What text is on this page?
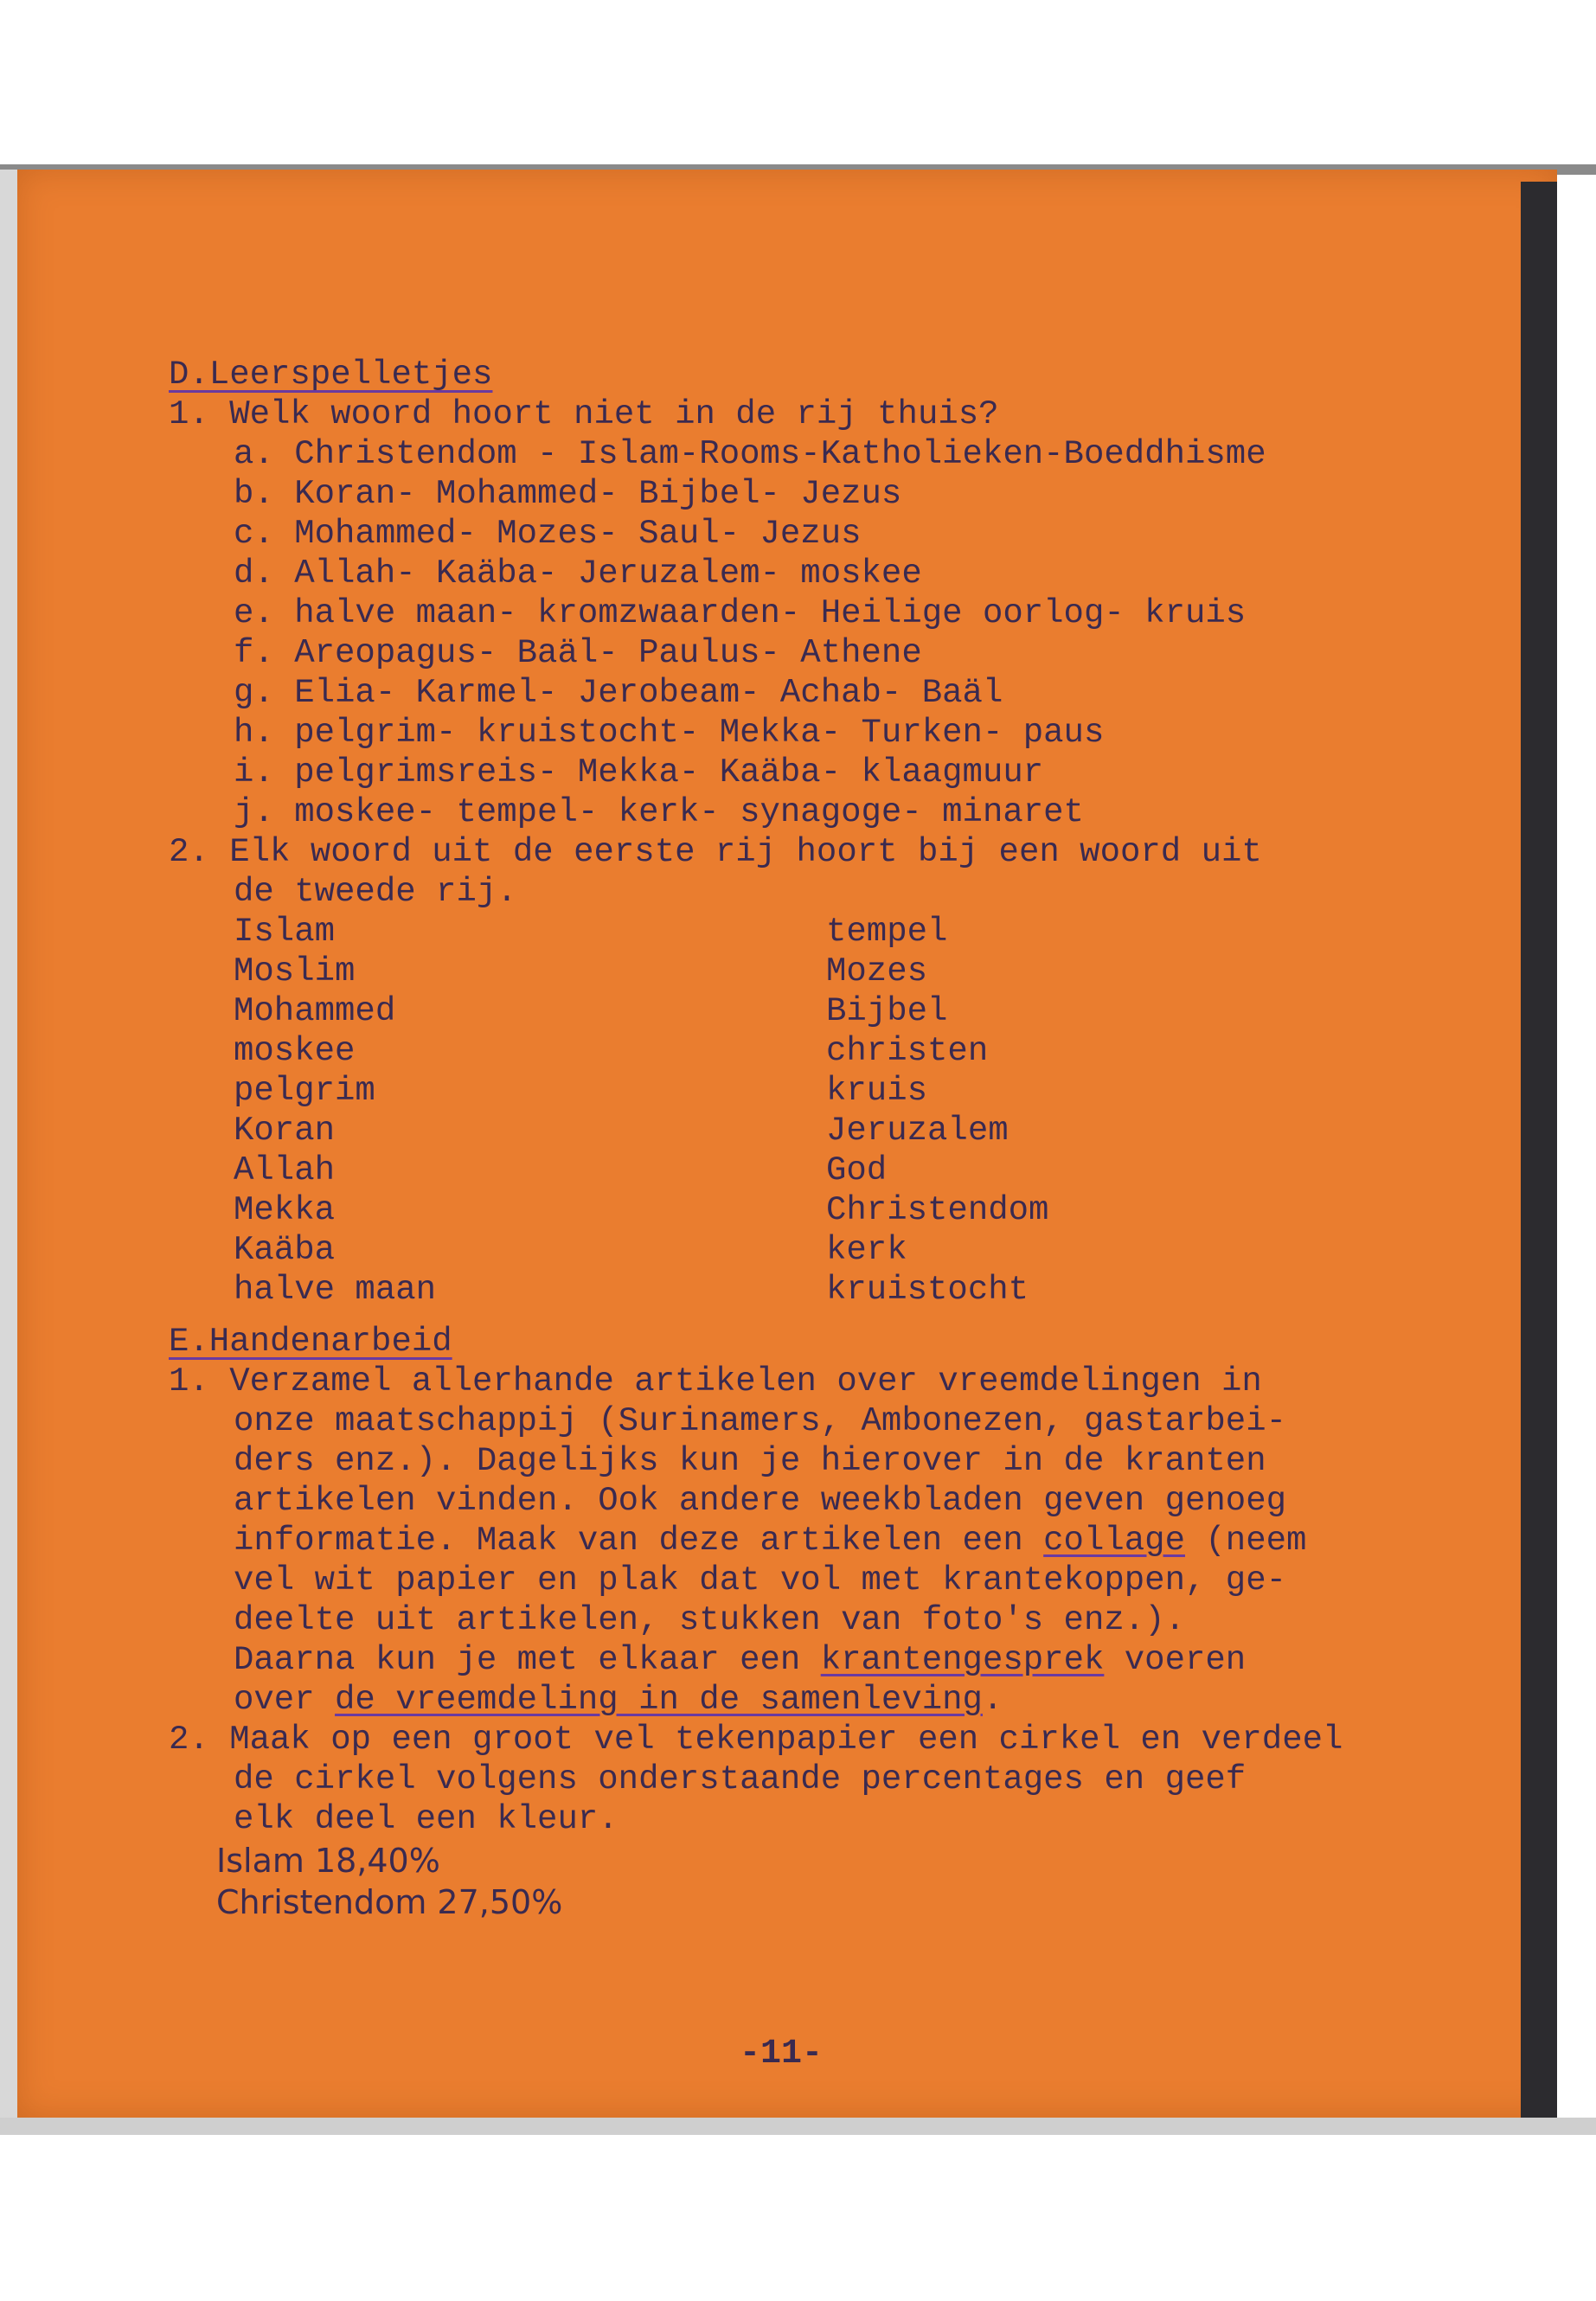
D.Leerspelletjes
1. Welk woord hoort niet in de rij thuis?
a. Christendom - Islam-Rooms-Katholieken-Boeddhisme
b. Koran- Mohammed- Bijbel- Jezus
c. Mohammed- Mozes- Saul- Jezus
d. Allah- Kaäba- Jeruzalem- moskee
e. halve maan- kromzwaarden- Heilige oorlog- kruis
f. Areopagus- Baäl- Paulus- Athene
g. Elia- Karmel- Jerobeam- Achab- Baäl
h. pelgrim- kruistocht- Mekka- Turken- paus
i. pelgrimsreis- Mekka- Kaäba- klaagmuur
j. moskee- tempel- kerk- synagoge- minaret
2. Elk woord uit de eerste rij hoort bij een woord uit
de tweede rij.
Islam
Moslim
Mohammed
moskee
pelgrim
Koran
Allah
Mekka
Kaäba
halve maan
tempel
Mozes
Bijbel
christen
kruis
Jeruzalem
God
Christendom
kerk
kruistocht
E.Handenarbeid
1. Verzamel allerhande artikelen over vreemdelingen in
onze maatschappij (Surinamers, Ambonezen, gastarbei-
ders enz.). Dagelijks kun je hierover in de kranten
artikelen vinden. Ook andere weekbladen geven genoeg
informatie. Maak van deze artikelen een collage (neem
vel wit papier en plak dat vol met krantekoppen, ge-
deelte uit artikelen, stukken van foto's enz.).
Daarna kun je met elkaar een krantengesprek voeren
over de vreemdeling in de samenleving.
2. Maak op een groot vel tekenpapier een cirkel en verdeel
de cirkel volgens onderstaande percentages en geef
elk deel een kleur.
Islam 18,40%
Christendom 27,50%
-11-
